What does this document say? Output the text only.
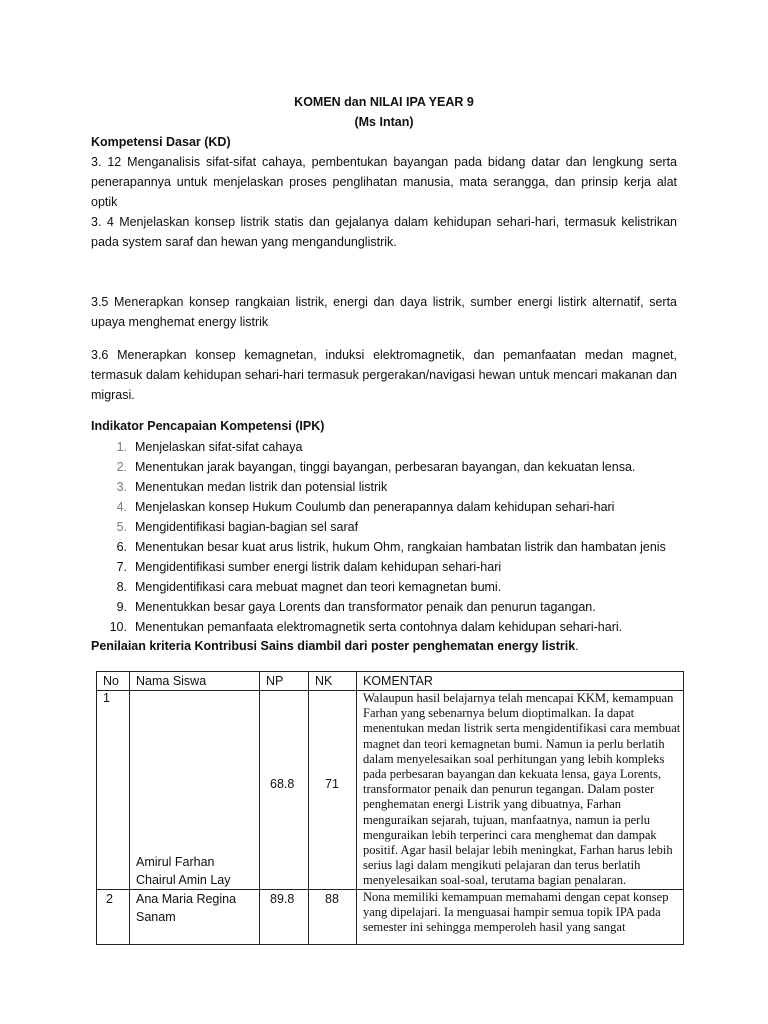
KOMEN dan NILAI IPA YEAR 9
(Ms Intan)
Kompetensi Dasar (KD)
3. 12 Menganalisis sifat-sifat cahaya, pembentukan bayangan pada bidang datar dan lengkung serta penerapannya untuk menjelaskan proses penglihatan manusia, mata serangga, dan prinsip kerja alat optik
3. 4 Menjelaskan konsep listrik statis dan gejalanya dalam kehidupan sehari-hari, termasuk kelistrikan pada system saraf dan hewan yang mengandunglistrik.
3.5 Menerapkan konsep rangkaian listrik, energi dan daya listrik, sumber energi listirk alternatif, serta upaya menghemat energy listrik
3.6 Menerapkan konsep kemagnetan, induksi elektromagnetik, dan pemanfaatan medan magnet, termasuk dalam kehidupan sehari-hari termasuk pergerakan/navigasi hewan untuk mencari makanan dan migrasi.
Indikator Pencapaian Kompetensi (IPK)
1. Menjelaskan sifat-sifat cahaya
2. Menentukan jarak bayangan, tinggi bayangan, perbesaran bayangan, dan kekuatan lensa.
3. Menentukan medan listrik dan potensial listrik
4. Menjelaskan konsep Hukum Coulumb dan penerapannya dalam kehidupan sehari-hari
5. Mengidentifikasi bagian-bagian sel saraf
6. Menentukan besar kuat arus listrik, hukum Ohm, rangkaian hambatan listrik dan hambatan jenis
7. Mengidentifikasi sumber energi listrik dalam kehidupan sehari-hari
8. Mengidentifikasi cara mebuat magnet dan teori kemagnetan bumi.
9. Menentukkan besar gaya Lorents dan transformator penaik dan penurun tagangan.
10. Menentukan pemanfaata elektromagnetik serta contohnya dalam kehidupan sehari-hari.
Penilaian kriteria Kontribusi Sains diambil dari poster penghematan energy listrik.
No	Nama Siswa	NP	NK	KOMENTAR
1	Amirul Farhan
Chairul Amin Lay	68.8	71	Walaupun hasil belajarnya telah mencapai KKM, kemampuan Farhan yang sebenarnya belum dioptimalkan. Ia dapat menentukan medan listrik serta mengidentifikasi cara membuat magnet dan teori kemagnetan bumi. Namun ia perlu berlatih dalam menyelesaikan soal perhitungan yang lebih kompleks pada perbesaran bayangan dan kekuata lensa, gaya Lorents, transformator penaik dan penurun tegangan. Dalam poster penghematan energi Listrik yang dibuatnya, Farhan menguraikan sejarah, tujuan, manfaatnya, namun ia perlu menguraikan lebih terperinci cara menghemat dan dampak positif. Agar hasil belajar lebih meningkat, Farhan harus lebih serius lagi dalam mengikuti pelajaran dan terus berlatih menyelesaikan soal-soal, terutama bagian penalaran.

2	Ana Maria Regina
Sanam	89.8	88	Nona memiliki kemampuan memahami dengan cepat konsep yang dipelajari. Ia menguasai hampir semua topik IPA pada semester ini sehingga memperoleh hasil yang sangat
